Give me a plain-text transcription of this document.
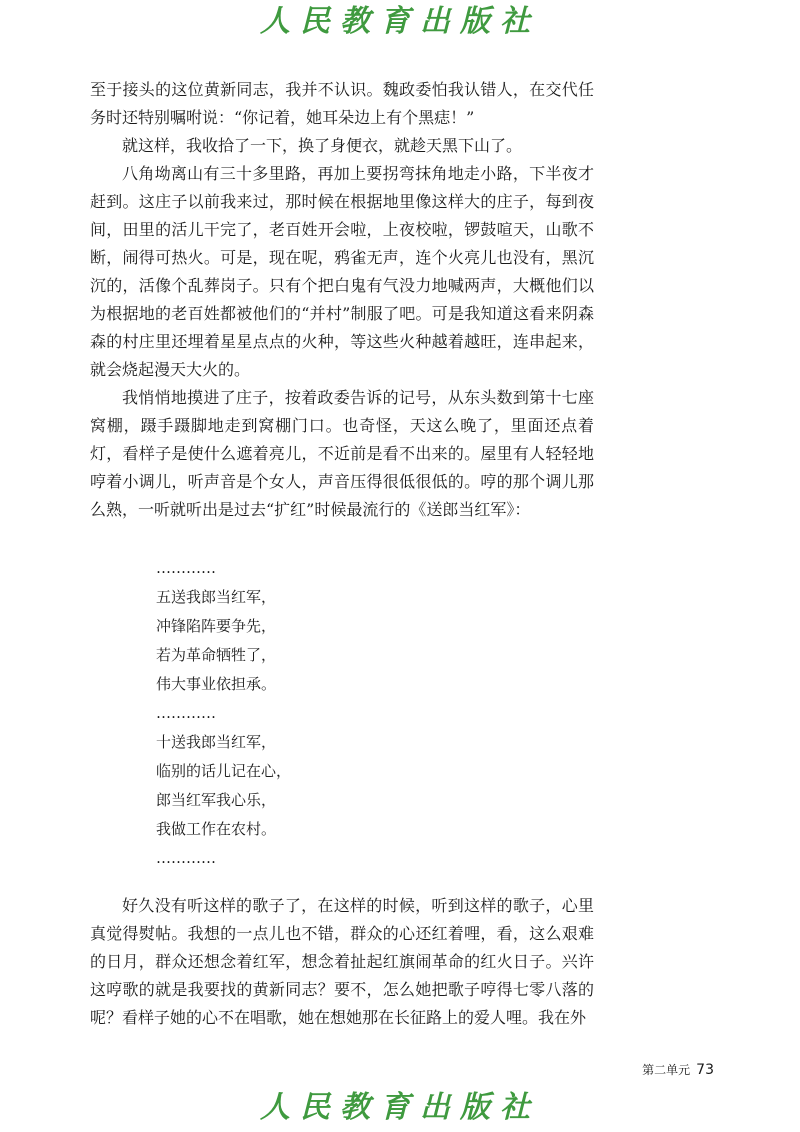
人民教育出版社

至于接头的这位黄新同志，我并不认识。魏政委怕我认错人，在交代任务时还特别嘱咐说：“你记着，她耳朵边上有个黑痣！”

就这样，我收拾了一下，换了身便衣，就趁天黑下山了。

八角坳离山有三十多里路，再加上要拐弯抹角地走小路，下半夜才赶到。这庄子以前我来过，那时候在根据地里像这样大的庄子，每到夜间，田里的活儿干完了，老百姓开会啦，上夜校啦，锣鼓喧天，山歌不断，闹得可热火。可是，现在呢，鸦雀无声，连个火亮儿也没有，黑沉沉的，活像个乱葬岗子。只有个把白鬼有气没力地喊两声，大概他们以为根据地的老百姓都被他们的“并村”制服了吧。可是我知道这看来阴森森的村庄里还埋着星星点点的火种，等这些火种越着越旺，连串起来，就会烧起漫天大火的。

我悄悄地摸进了庄子，按着政委告诉的记号，从东头数到第十七座窝棚，蹑手蹑脚地走到窝棚门口。也奇怪，天这么晚了，里面还点着灯，看样子是使什么遮着亮儿，不近前是看不出来的。屋里有人轻轻地哼着小调儿，听声音是个女人，声音压得很低很低的。哼的那个调儿那么熟，一听就听出是过去“扩红”时候最流行的《送郎当红军》：

…………
五送我郎当红军，
冲锋陷阵要争先，
若为革命牺牲了，
伟大事业依担承。
…………
十送我郎当红军，
临别的话儿记在心，
郎当红军我心乐，
我做工作在农村。
…………

好久没有听这样的歌子了，在这样的时候，听到这样的歌子，心里真觉得熨帖。我想的一点儿也不错，群众的心还红着哩，看，这么艰难的日月，群众还想念着红军，想念着扯起红旗闹革命的红火日子。兴许这哼歌的就是我要找的黄新同志？要不，怎么她把歌子哼得七零八落的呢？看样子她的心不在唱歌，她在想她那在长征路上的爱人哩。我在外

第二单元 73
人民教育出版社
